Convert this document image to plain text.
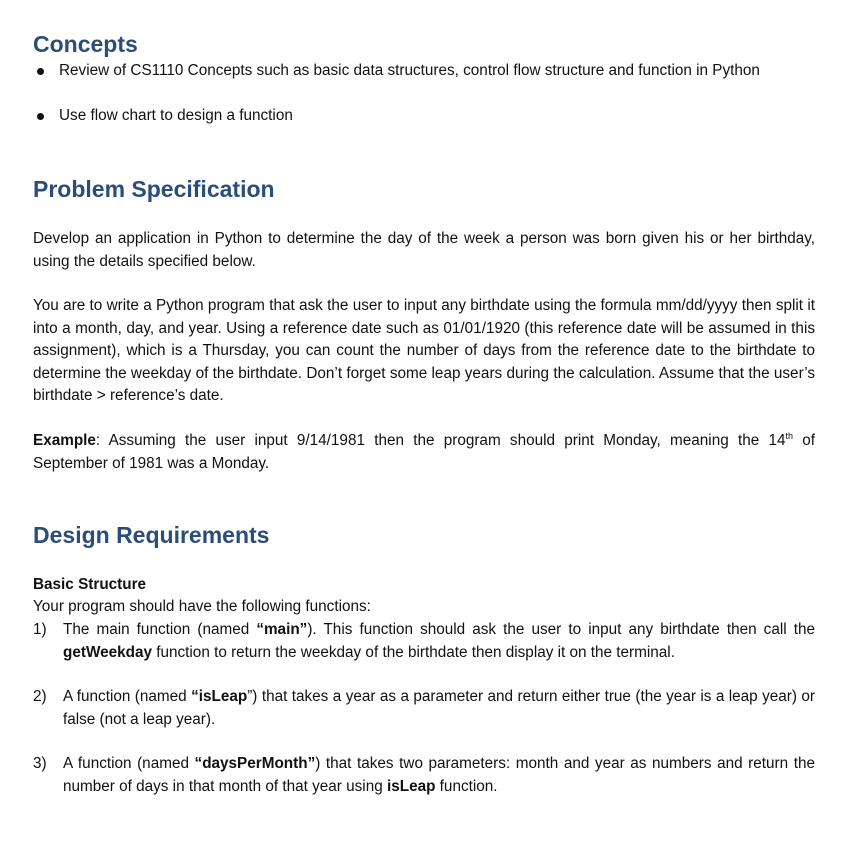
Concepts
Review of CS1110 Concepts such as basic data structures, control flow structure and function in Python
Use flow chart to design a function
Problem Specification

Develop an application in Python to determine the day of the week a person was born given his or her birthday, using the details specified below.

You are to write a Python program that ask the user to input any birthdate using the formula mm/dd/yyyy then split it into a month, day, and year. Using a reference date such as 01/01/1920 (this reference date will be assumed in this assignment), which is a Thursday, you can count the number of days from the reference date to the birthdate to determine the weekday of the birthdate. Don’t forget some leap years during the calculation. Assume that the user’s birthdate > reference’s date.

Example: Assuming the user input 9/14/1981 then the program should print Monday, meaning the 14th of September of 1981 was a Monday.

Design Requirements

Basic Structure

Your program should have the following functions:

1) The main function (named “main”). This function should ask the user to input any birthdate then call the getWeekday function to return the weekday of the birthdate then display it on the terminal.
2) A function (named “isLeap”) that takes a year as a parameter and return either true (the year is a leap year) or false (not a leap year).
3) A function (named “daysPerMonth”) that takes two parameters: month and year as numbers and return the number of days in that month of that year using isLeap function.
